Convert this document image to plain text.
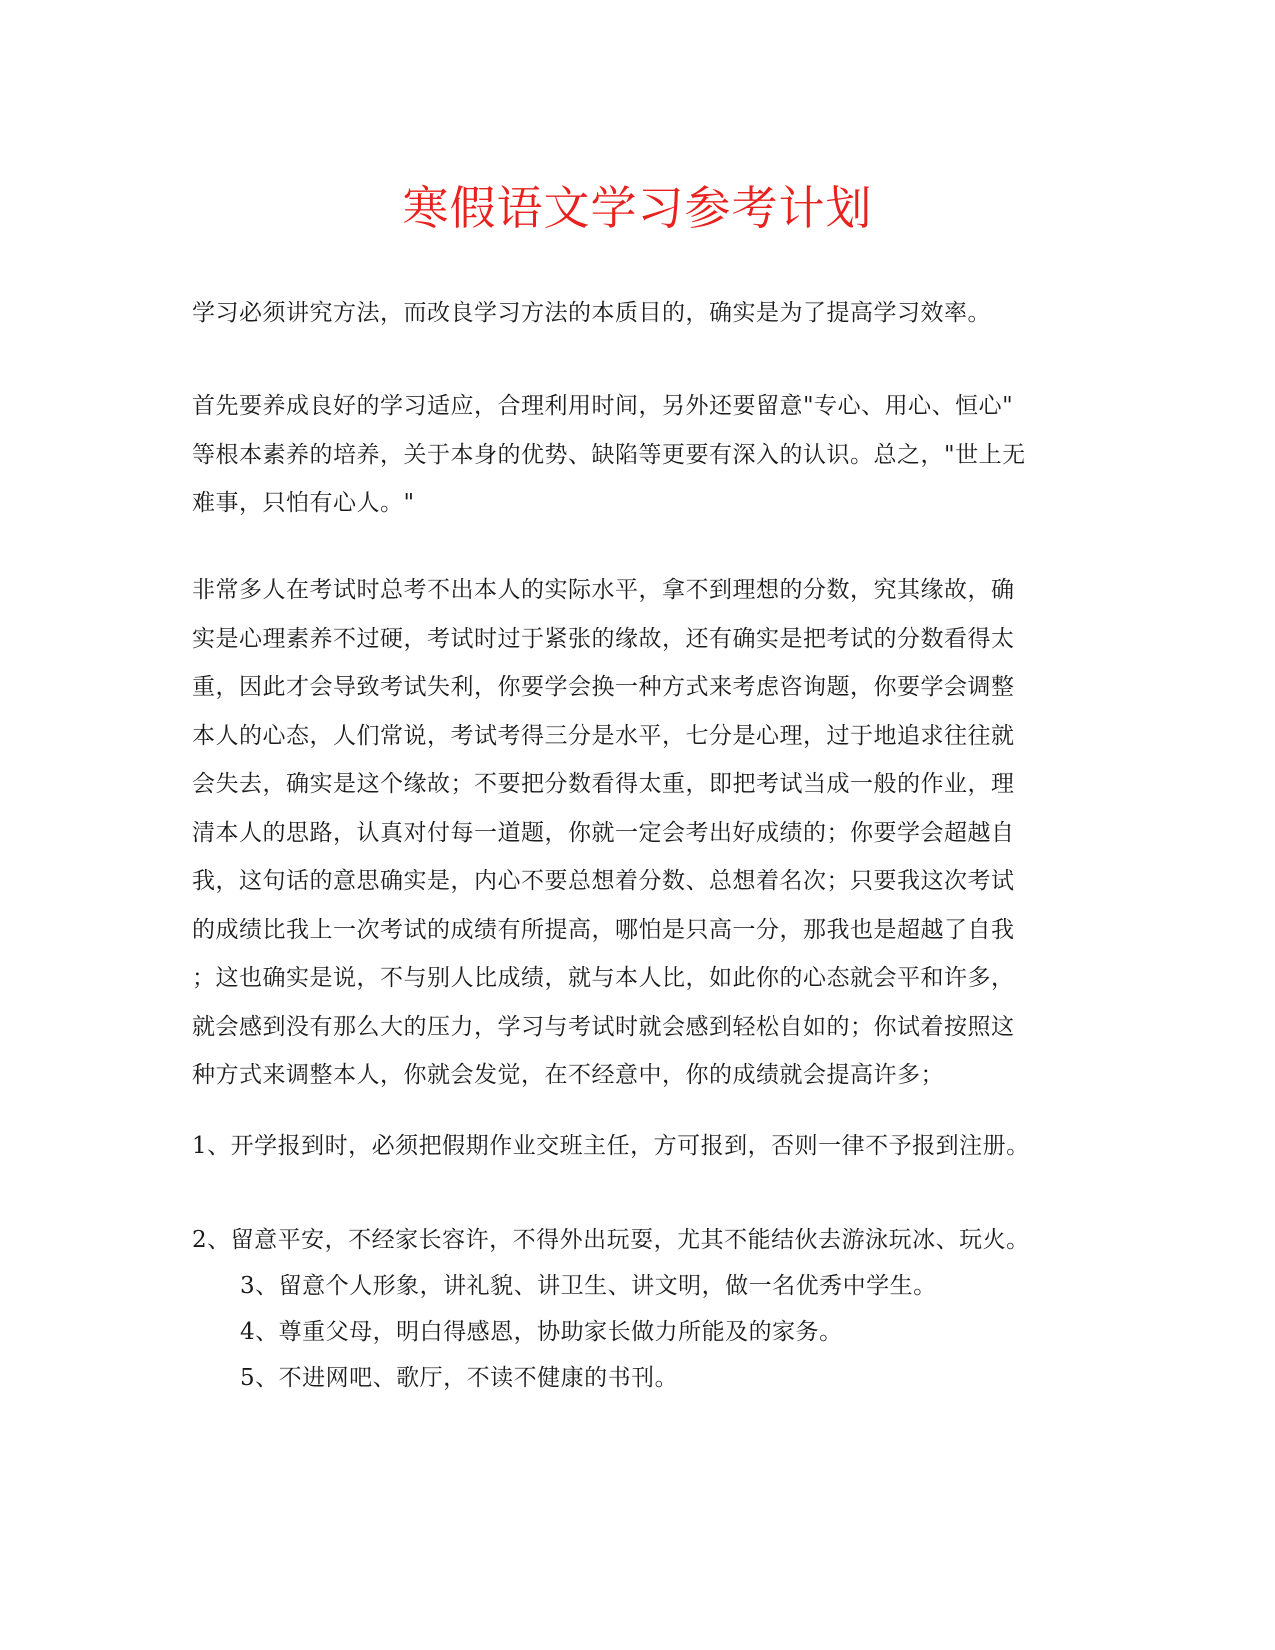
寒假语文学习参考计划

学习必须讲究方法，而改良学习方法的本质目的，确实是为了提高学习效率。

首先要养成良好的学习适应，合理利用时间，另外还要留意"专心、用心、恒心"
等根本素养的培养，关于本身的优势、缺陷等更要有深入的认识。总之，"世上无
难事，只怕有心人。"

非常多人在考试时总考不出本人的实际水平，拿不到理想的分数，究其缘故，确
实是心理素养不过硬，考试时过于紧张的缘故，还有确实是把考试的分数看得太
重，因此才会导致考试失利，你要学会换一种方式来考虑咨询题，你要学会调整
本人的心态，人们常说，考试考得三分是水平，七分是心理，过于地追求往往就
会失去，确实是这个缘故；不要把分数看得太重，即把考试当成一般的作业，理
清本人的思路，认真对付每一道题，你就一定会考出好成绩的；你要学会超越自
我，这句话的意思确实是，内心不要总想着分数、总想着名次；只要我这次考试
的成绩比我上一次考试的成绩有所提高，哪怕是只高一分，那我也是超越了自我
；这也确实是说，不与别人比成绩，就与本人比，如此你的心态就会平和许多，
就会感到没有那么大的压力，学习与考试时就会感到轻松自如的；你试着按照这
种方式来调整本人，你就会发觉，在不经意中，你的成绩就会提高许多；

1、开学报到时，必须把假期作业交班主任，方可报到，否则一律不予报到注册。

2、留意平安，不经家长容许，不得外出玩耍，尤其不能结伙去游泳玩冰、玩火。

3、留意个人形象，讲礼貌、讲卫生、讲文明，做一名优秀中学生。

4、尊重父母，明白得感恩，协助家长做力所能及的家务。

5、不进网吧、歌厅，不读不健康的书刊。
